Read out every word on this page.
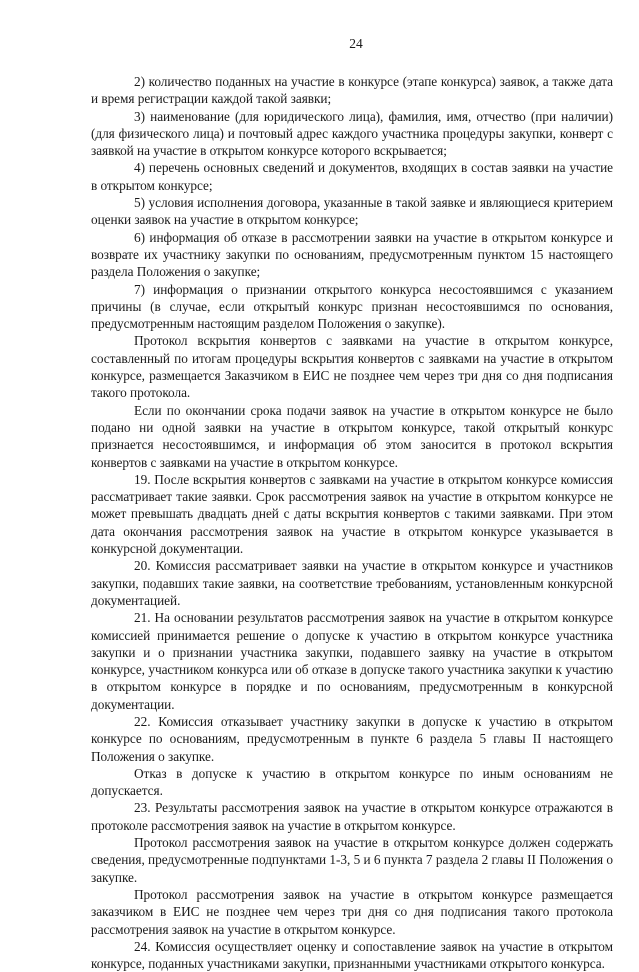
24

2) количество поданных на участие в конкурсе (этапе конкурса) заявок, а также дата и время регистрации каждой такой заявки;

3) наименование (для юридического лица), фамилия, имя, отчество (при наличии) (для физического лица) и почтовый адрес каждого участника процедуры закупки, конверт с заявкой на участие в открытом конкурсе которого вскрывается;

4) перечень основных сведений и документов, входящих в состав заявки на участие в открытом конкурсе;

5) условия исполнения договора, указанные в такой заявке и являющиеся критерием оценки заявок на участие в открытом конкурсе;

6) информация об отказе в рассмотрении заявки на участие в открытом конкурсе и возврате их участнику закупки по основаниям, предусмотренным пунктом 15 настоящего раздела Положения о закупке;

7) информация о признании открытого конкурса несостоявшимся с указанием причины (в случае, если открытый конкурс признан несостоявшимся по основания, предусмотренным настоящим разделом Положения о закупке).

Протокол вскрытия конвертов с заявками на участие в открытом конкурсе, составленный по итогам процедуры вскрытия конвертов с заявками на участие в открытом конкурсе, размещается Заказчиком в ЕИС не позднее чем через три дня со дня подписания такого протокола.

Если по окончании срока подачи заявок на участие в открытом конкурсе не было подано ни одной заявки на участие в открытом конкурсе, такой открытый конкурс признается несостоявшимся, и информация об этом заносится в протокол вскрытия конвертов с заявками на участие в открытом конкурсе.

19. После вскрытия конвертов с заявками на участие в открытом конкурсе комиссия рассматривает такие заявки. Срок рассмотрения заявок на участие в открытом конкурсе не может превышать двадцать дней с даты вскрытия конвертов с такими заявками. При этом дата окончания рассмотрения заявок на участие в открытом конкурсе указывается в конкурсной документации.

20. Комиссия рассматривает заявки на участие в открытом конкурсе и участников закупки, подавших такие заявки, на соответствие требованиям, установленным конкурсной документацией.

21. На основании результатов рассмотрения заявок на участие в открытом конкурсе комиссией принимается решение о допуске к участию в открытом конкурсе участника закупки и о признании участника закупки, подавшего заявку на участие в открытом конкурсе, участником конкурса или об отказе в допуске такого участника закупки к участию в открытом конкурсе в порядке и по основаниям, предусмотренным в конкурсной документации.

22. Комиссия отказывает участнику закупки в допуске к участию в открытом конкурсе по основаниям, предусмотренным в пункте 6 раздела 5 главы II настоящего Положения о закупке.

Отказ в допуске к участию в открытом конкурсе по иным основаниям не допускается.

23. Результаты рассмотрения заявок на участие в открытом конкурсе отражаются в протоколе рассмотрения заявок на участие в открытом конкурсе.

Протокол рассмотрения заявок на участие в открытом конкурсе должен содержать сведения, предусмотренные подпунктами 1-3, 5 и 6 пункта 7 раздела 2 главы II Положения о закупке.

Протокол рассмотрения заявок на участие в открытом конкурсе размещается заказчиком в ЕИС не позднее чем через три дня со дня подписания такого протокола рассмотрения заявок на участие в открытом конкурсе.

24. Комиссия осуществляет оценку и сопоставление заявок на участие в открытом конкурсе, поданных участниками закупки, признанными участниками открытого конкурса.
